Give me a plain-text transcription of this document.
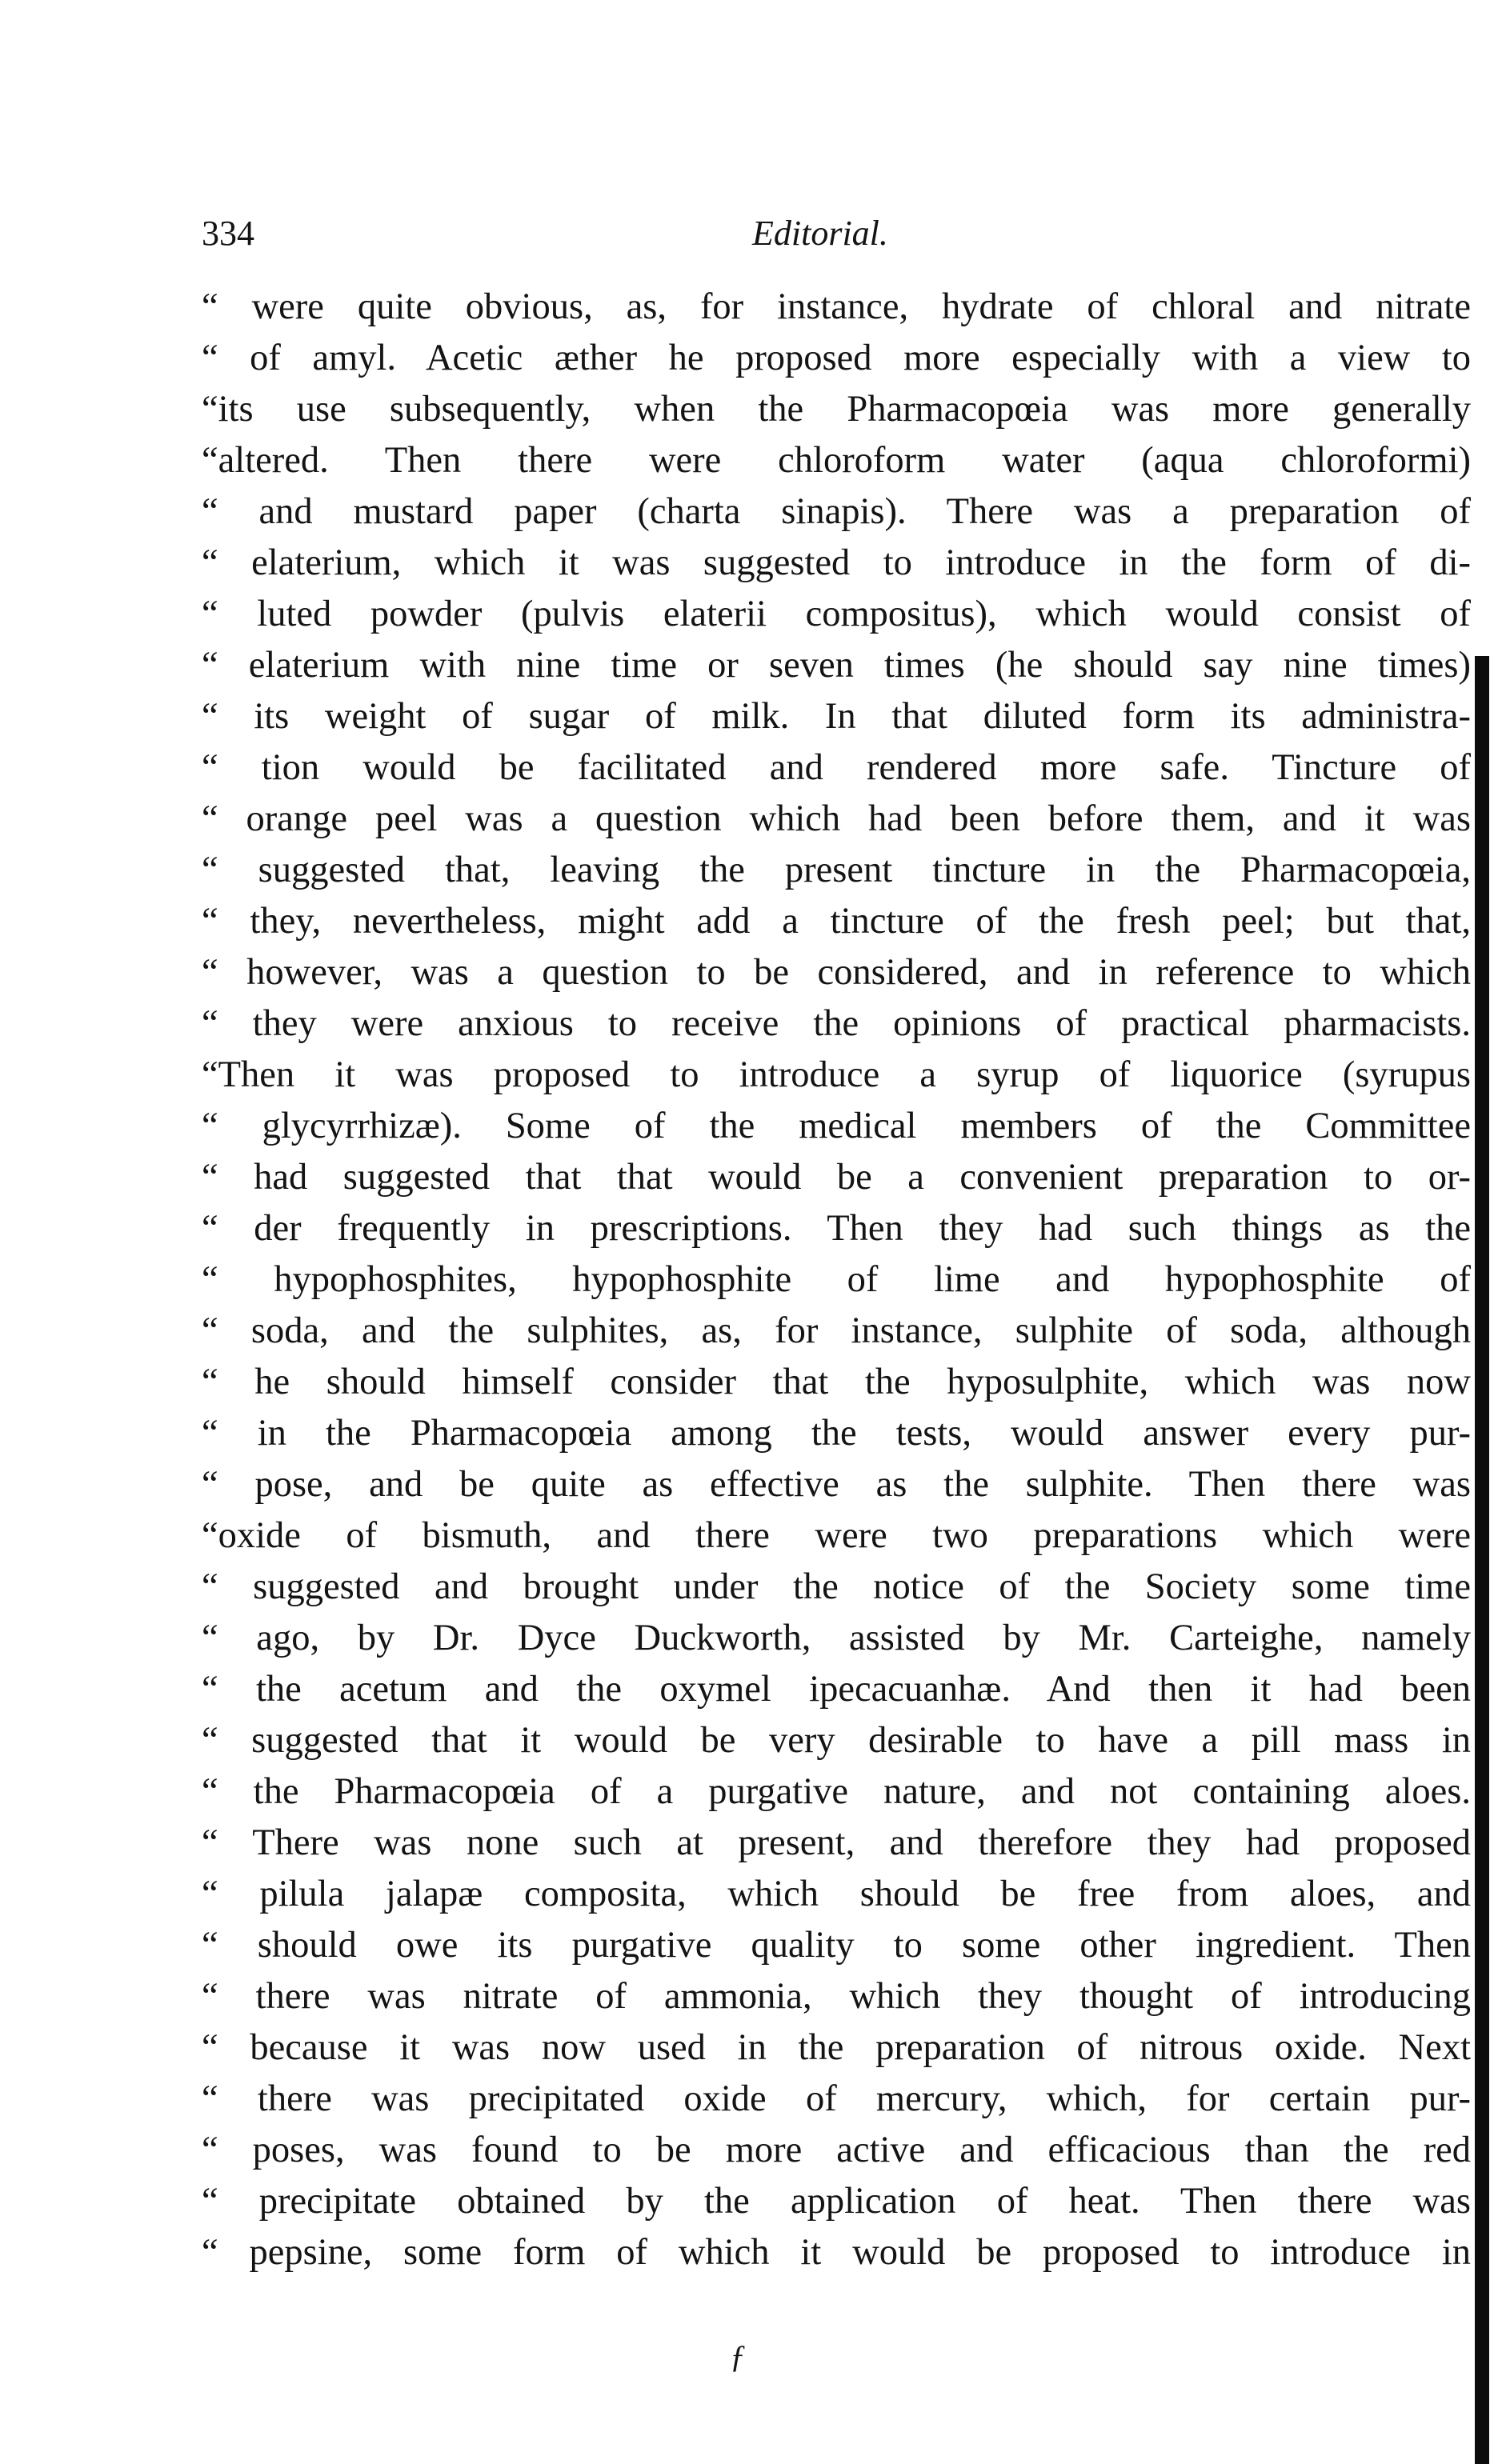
334	Editorial.
“ were quite obvious, as, for instance, hydrate of chloral and nitrate
“ of amyl. Acetic æther he proposed more especially with a view to
“its use subsequently, when the Pharmacopœia was more generally
“altered. Then there were chloroform water (aqua chloroformi)
“ and mustard paper (charta sinapis). There was a preparation of
“ elaterium, which it was suggested to introduce in the form of di-
“ luted powder (pulvis elaterii compositus), which would consist of
“ elaterium with nine time or seven times (he should say nine times)
“ its weight of sugar of milk. In that diluted form its administra-
“ tion would be facilitated and rendered more safe. Tincture of
“ orange peel was a question which had been before them, and it was
“ suggested that, leaving the present tincture in the Pharmacopœia,
“ they, nevertheless, might add a tincture of the fresh peel; but that,
“ however, was a question to be considered, and in reference to which
“ they were anxious to receive the opinions of practical pharmacists.
“Then it was proposed to introduce a syrup of liquorice (syrupus
“ glycyrrhizæ). Some of the medical members of the Committee
“ had suggested that that would be a convenient preparation to or-
“ der frequently in prescriptions. Then they had such things as the
“ hypophosphites, hypophosphite of lime and hypophosphite of
“ soda, and the sulphites, as, for instance, sulphite of soda, although
“ he should himself consider that the hyposulphite, which was now
“ in the Pharmacopœia among the tests, would answer every pur-
“ pose, and be quite as effective as the sulphite. Then there was
“oxide of bismuth, and there were two preparations which were
“ suggested and brought under the notice of the Society some time
“ ago, by Dr. Dyce Duckworth, assisted by Mr. Carteighe, namely
“ the acetum and the oxymel ipecacuanhæ. And then it had been
“ suggested that it would be very desirable to have a pill mass in
“ the Pharmacopœia of a purgative nature, and not containing aloes.
“ There was none such at present, and therefore they had proposed
“ pilula jalapæ composita, which should be free from aloes, and
“ should owe its purgative quality to some other ingredient. Then
“ there was nitrate of ammonia, which they thought of introducing
“ because it was now used in the preparation of nitrous oxide. Next
“ there was precipitated oxide of mercury, which, for certain pur-
“ poses, was found to be more active and efficacious than the red
“ precipitate obtained by the application of heat. Then there was
“ pepsine, some form of which it would be proposed to introduce in
ƒ
